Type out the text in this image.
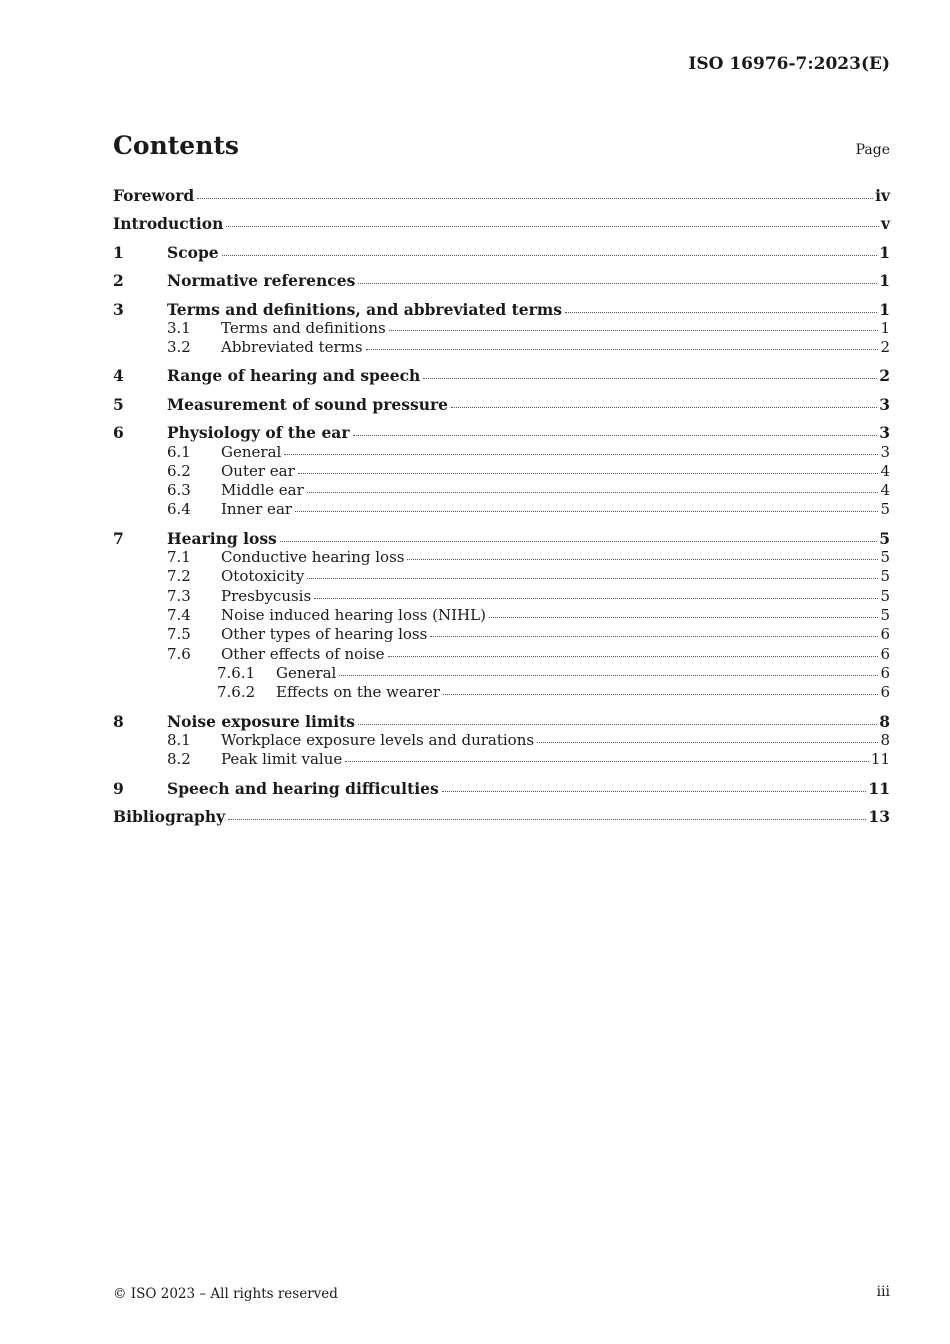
ISO 16976-7:2023(E)
Contents	Page
Foreword	iv
Introduction	v
1	Scope	1
2	Normative references	1
3	Terms and definitions, and abbreviated terms	1
3.1	Terms and definitions	1
3.2	Abbreviated terms	2
4	Range of hearing and speech	2
5	Measurement of sound pressure	3
6	Physiology of the ear	3
6.1	General	3
6.2	Outer ear	4
6.3	Middle ear	4
6.4	Inner ear	5
7	Hearing loss	5
7.1	Conductive hearing loss	5
7.2	Ototoxicity	5
7.3	Presbycusis	5
7.4	Noise induced hearing loss (NIHL)	5
7.5	Other types of hearing loss	6
7.6	Other effects of noise	6
7.6.1	General	6
7.6.2	Effects on the wearer	6
8	Noise exposure limits	8
8.1	Workplace exposure levels and durations	8
8.2	Peak limit value	11
9	Speech and hearing difficulties	11
Bibliography	13
© ISO 2023 – All rights reserved	iii
